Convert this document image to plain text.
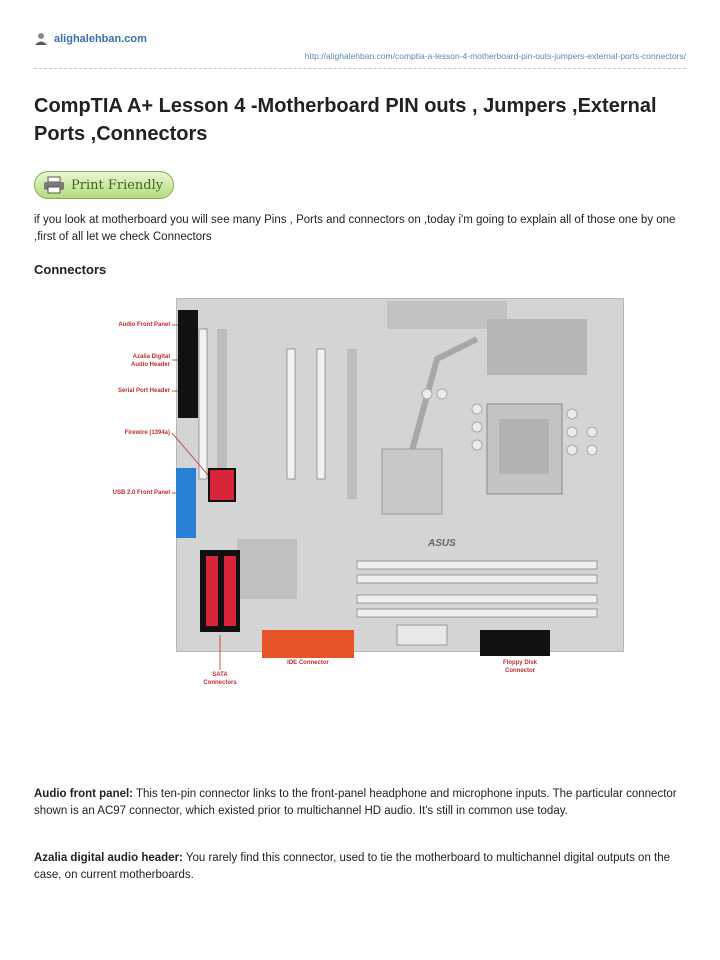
alighalehban.com
http://alighalehban.com/comptia-a-lesson-4-motherboard-pin-outs-jumpers-external-ports-connectors/
CompTIA A+ Lesson 4 -Motherboard PIN outs , Jumpers ,External Ports ,Connectors
Print Friendly

if you look at motherboard you will see many Pins , Ports and connectors on ,today i'm going to explain all of those one by one ,first of all let we check Connectors

Connectors
ASUS
Audio Front Panel
Azalia Digital
Audio Header
Serial Port Header
Firewire (1394a)
USB 2.0 Front Panel
SATA
Connectors
IDE Connector	Floppy Disk
Connector

Audio front panel: This ten-pin connector links to the front-panel headphone and microphone inputs. The particular connector shown is an AC97 connector, which existed prior to multichannel HD audio. It's still in common use today.

Azalia digital audio header: You rarely find this connector, used to tie the motherboard to multichannel digital outputs on the case, on current motherboards.
